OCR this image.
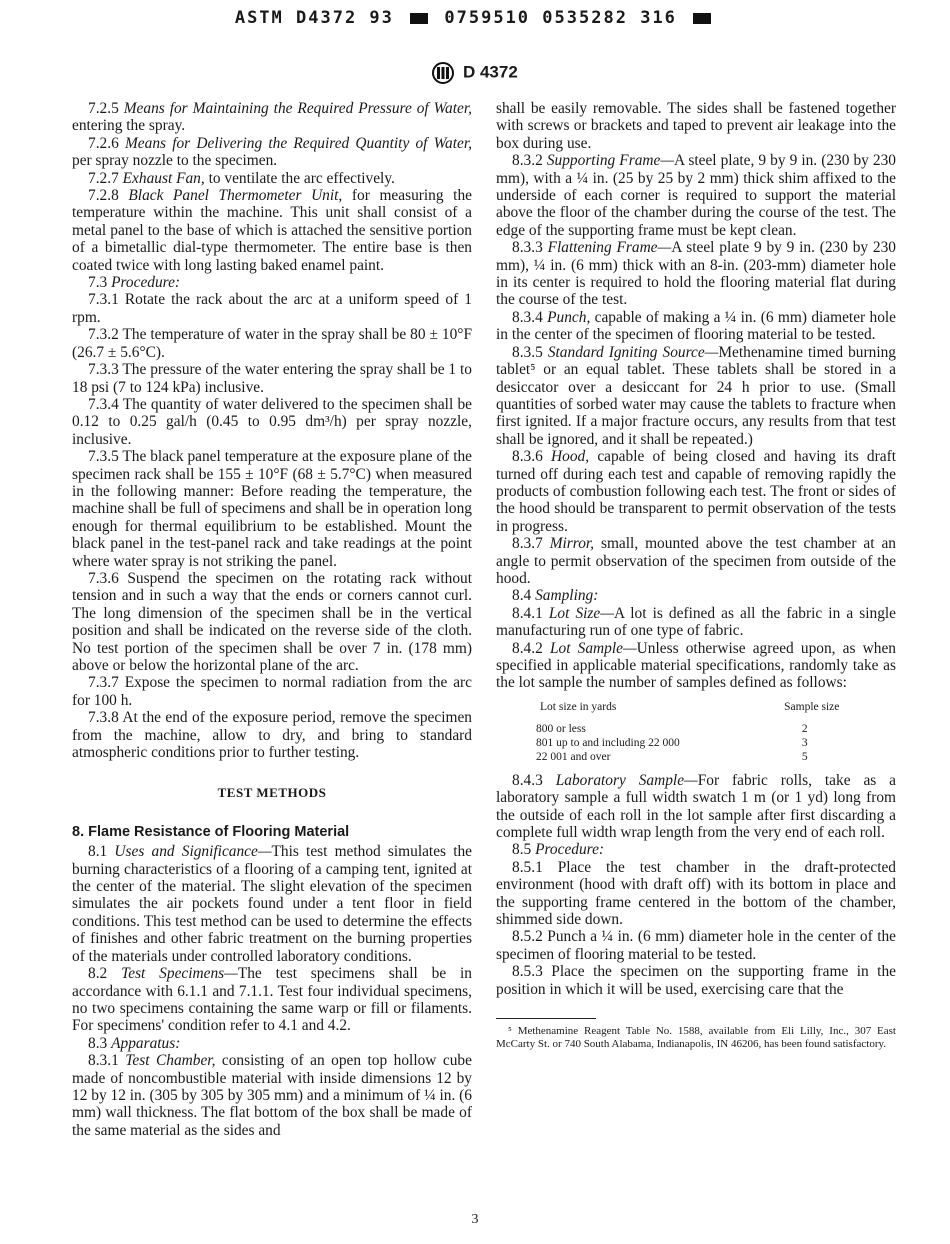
ASTM D4372 93	0759510 0535282 316
D 4372

7.2.5 Means for Maintaining the Required Pressure of Water, entering the spray.

7.2.6 Means for Delivering the Required Quantity of Water, per spray nozzle to the specimen.

7.2.7 Exhaust Fan, to ventilate the arc effectively.

7.2.8 Black Panel Thermometer Unit, for measuring the temperature within the machine. This unit shall consist of a metal panel to the base of which is attached the sensitive portion of a bimetallic dial-type thermometer. The entire base is then coated twice with long lasting baked enamel paint.

7.3 Procedure:

7.3.1 Rotate the rack about the arc at a uniform speed of 1 rpm.

7.3.2 The temperature of water in the spray shall be 80 ± 10°F (26.7 ± 5.6°C).

7.3.3 The pressure of the water entering the spray shall be 1 to 18 psi (7 to 124 kPa) inclusive.

7.3.4 The quantity of water delivered to the specimen shall be 0.12 to 0.25 gal/h (0.45 to 0.95 dm³/h) per spray nozzle, inclusive.

7.3.5 The black panel temperature at the exposure plane of the specimen rack shall be 155 ± 10°F (68 ± 5.7°C) when measured in the following manner: Before reading the temperature, the machine shall be full of specimens and shall be in operation long enough for thermal equilibrium to be established. Mount the black panel in the test-panel rack and take readings at the point where water spray is not striking the panel.

7.3.6 Suspend the specimen on the rotating rack without tension and in such a way that the ends or corners cannot curl. The long dimension of the specimen shall be in the vertical position and shall be indicated on the reverse side of the cloth. No test portion of the specimen shall be over 7 in. (178 mm) above or below the horizontal plane of the arc.

7.3.7 Expose the specimen to normal radiation from the arc for 100 h.

7.3.8 At the end of the exposure period, remove the specimen from the machine, allow to dry, and bring to standard atmospheric conditions prior to further testing.

TEST METHODS
8. Flame Resistance of Flooring Material

8.1 Uses and Significance—This test method simulates the burning characteristics of a flooring of a camping tent, ignited at the center of the material. The slight elevation of the specimen simulates the air pockets found under a tent floor in field conditions. This test method can be used to determine the effects of finishes and other fabric treatment on the burning properties of the materials under controlled laboratory conditions.

8.2 Test Specimens—The test specimens shall be in accordance with 6.1.1 and 7.1.1. Test four individual specimens, no two specimens containing the same warp or fill or filaments. For specimens' condition refer to 4.1 and 4.2.

8.3 Apparatus:

8.3.1 Test Chamber, consisting of an open top hollow cube made of noncombustible material with inside dimensions 12 by 12 by 12 in. (305 by 305 by 305 mm) and a minimum of ¼ in. (6 mm) wall thickness. The flat bottom of the box shall be made of the same material as the sides and

shall be easily removable. The sides shall be fastened together with screws or brackets and taped to prevent air leakage into the box during use.

8.3.2 Supporting Frame—A steel plate, 9 by 9 in. (230 by 230 mm), with a ¼ in. (25 by 25 by 2 mm) thick shim affixed to the underside of each corner is required to support the material above the floor of the chamber during the course of the test. The edge of the supporting frame must be kept clean.

8.3.3 Flattening Frame—A steel plate 9 by 9 in. (230 by 230 mm), ¼ in. (6 mm) thick with an 8-in. (203-mm) diameter hole in its center is required to hold the flooring material flat during the course of the test.

8.3.4 Punch, capable of making a ¼ in. (6 mm) diameter hole in the center of the specimen of flooring material to be tested.

8.3.5 Standard Igniting Source—Methenamine timed burning tablet⁵ or an equal tablet. These tablets shall be stored in a desiccator over a desiccant for 24 h prior to use. (Small quantities of sorbed water may cause the tablets to fracture when first ignited. If a major fracture occurs, any results from that test shall be ignored, and it shall be repeated.)

8.3.6 Hood, capable of being closed and having its draft turned off during each test and capable of removing rapidly the products of combustion following each test. The front or sides of the hood should be transparent to permit observation of the tests in progress.

8.3.7 Mirror, small, mounted above the test chamber at an angle to permit observation of the specimen from outside of the hood.

8.4 Sampling:

8.4.1 Lot Size—A lot is defined as all the fabric in a single manufacturing run of one type of fabric.

8.4.2 Lot Sample—Unless otherwise agreed upon, as when specified in applicable material specifications, randomly take as the lot sample the number of samples defined as follows:

Lot size in yards	Sample size
800 or less	2
801 up to and including 22 000	3
22 001 and over	5

8.4.3 Laboratory Sample—For fabric rolls, take as a laboratory sample a full width swatch 1 m (or 1 yd) long from the outside of each roll in the lot sample after first discarding a complete full width wrap length from the very end of each roll.

8.5 Procedure:

8.5.1 Place the test chamber in the draft-protected environment (hood with draft off) with its bottom in place and the supporting frame centered in the bottom of the chamber, shimmed side down.

8.5.2 Punch a ¼ in. (6 mm) diameter hole in the center of the specimen of flooring material to be tested.

8.5.3 Place the specimen on the supporting frame in the position in which it will be used, exercising care that the

⁵ Methenamine Reagent Table No. 1588, available from Eli Lilly, Inc., 307 East McCarty St. or 740 South Alabama, Indianapolis, IN 46206, has been found satisfactory.

3
